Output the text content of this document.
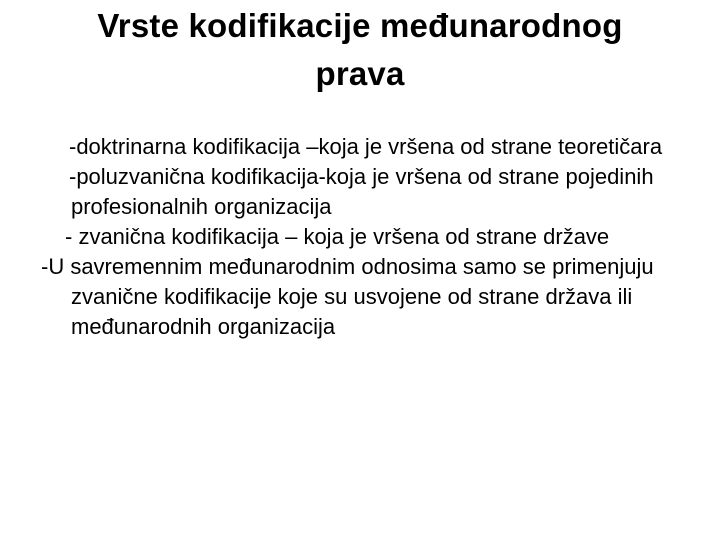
Vrste kodifikacije međunarodnog
prava

-doktrinarna kodifikacija –koja je vršena od strane teoretičara

-poluzvanična kodifikacija-koja je vršena od strane pojedinih profesionalnih organizacija

- zvanična kodifikacija – koja je vršena od strane države

-U savremennim međunarodnim odnosima samo se primenjuju zvanične kodifikacije koje su usvojene od strane država ili međunarodnih organizacija
